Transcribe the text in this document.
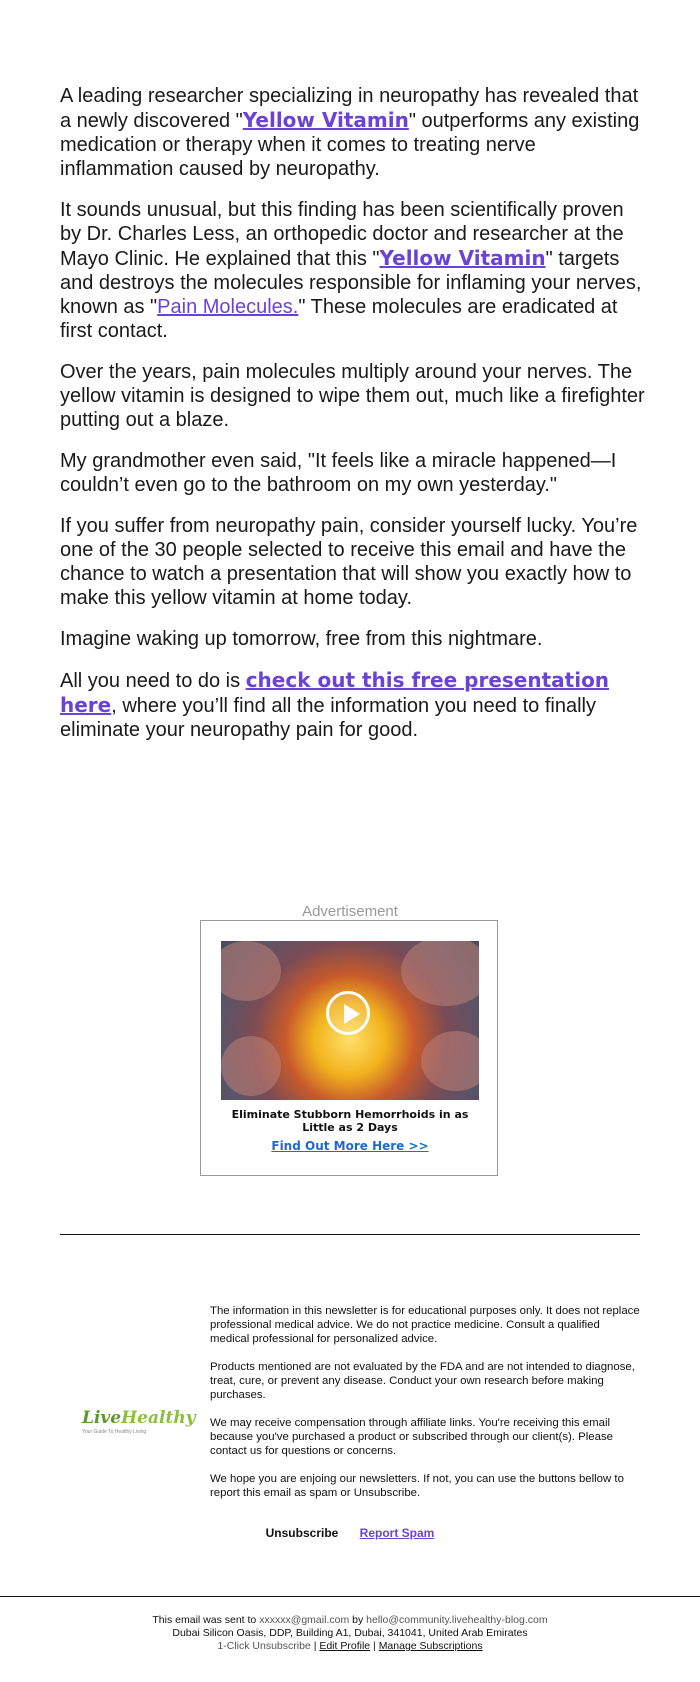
A leading researcher specializing in neuropathy has revealed that a newly discovered "Yellow Vitamin" outperforms any existing medication or therapy when it comes to treating nerve inflammation caused by neuropathy.

It sounds unusual, but this finding has been scientifically proven by Dr. Charles Less, an orthopedic doctor and researcher at the Mayo Clinic. He explained that this "Yellow Vitamin" targets and destroys the molecules responsible for inflaming your nerves, known as "Pain Molecules." These molecules are eradicated at first contact.

Over the years, pain molecules multiply around your nerves. The yellow vitamin is designed to wipe them out, much like a firefighter putting out a blaze.

My grandmother even said, "It feels like a miracle happened—I couldn’t even go to the bathroom on my own yesterday."

If you suffer from neuropathy pain, consider yourself lucky. You’re one of the 30 people selected to receive this email and have the chance to watch a presentation that will show you exactly how to make this yellow vitamin at home today.

Imagine waking up tomorrow, free from this nightmare.

All you need to do is check out this free presentation here, where you’ll find all the information you need to finally eliminate your neuropathy pain for good.

Advertisement
Eliminate Stubborn Hemorrhoids in as Little as 2 Days
Find Out More Here >>
LiveHealthy
Your Guide To Healthy Living

The information in this newsletter is for educational purposes only. It does not replace professional medical advice. We do not practice medicine. Consult a qualified medical professional for personalized advice.

Products mentioned are not evaluated by the FDA and are not intended to diagnose, treat, cure, or prevent any disease. Conduct your own research before making purchases.

We may receive compensation through affiliate links. You're receiving this email because you've purchased a product or subscribed through our client(s). Please contact us for questions or concerns.

We hope you are enjoing our newsletters. If not, you can use the buttons bellow to report this email as spam or Unsubscribe.

Unsubscribe Report Spam
This email was sent to xxxxxx@gmail.com by hello@community.livehealthy-blog.com
Dubai Silicon Oasis, DDP, Building A1, Dubai, 341041, United Arab Emirates
1-Click Unsubscribe | Edit Profile | Manage Subscriptions
